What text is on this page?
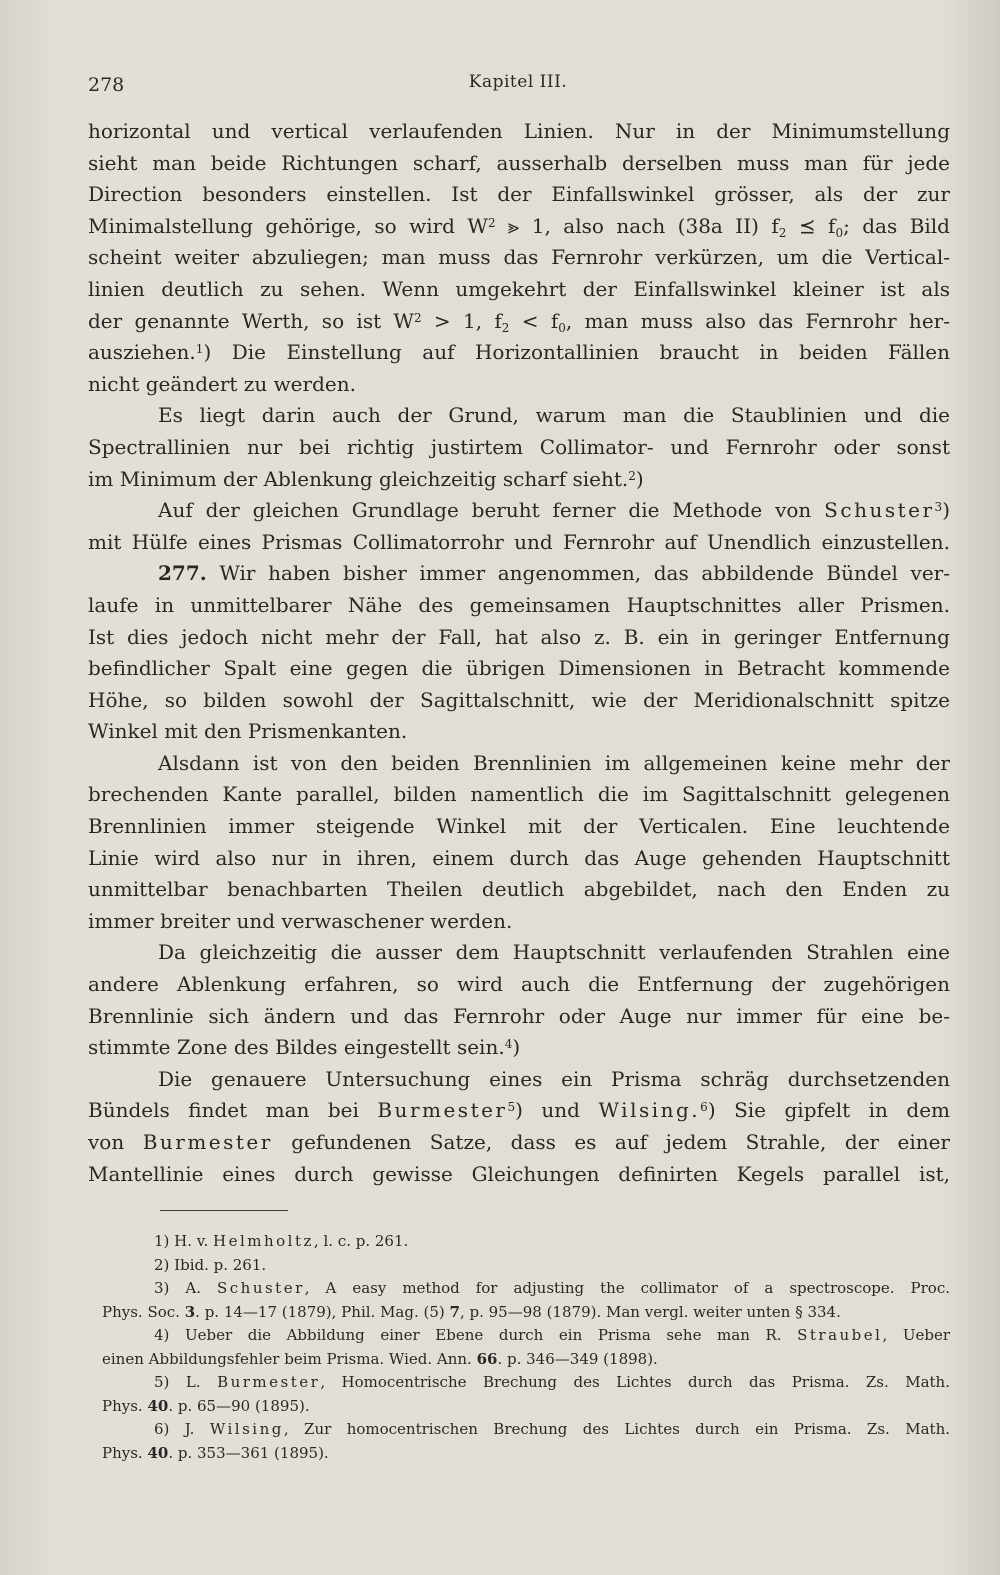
278	Kapitel III.
horizontal und vertical verlaufenden Linien. Nur in der Minimumstellung
sieht man beide Richtungen scharf, ausserhalb derselben muss man für jede
Direction besonders einstellen. Ist der Einfallswinkel grösser, als der zur
Minimalstellung gehörige, so wird $W^2$ ⪢ 1, also nach (38a II) $f_2$ ⪯ $f_0$; das Bild
scheint weiter abzuliegen; man muss das Fernrohr verkürzen, um die Vertical-
linien deutlich zu sehen. Wenn umgekehrt der Einfallswinkel kleiner ist als
der genannte Werth, so ist $W^2 > 1$, $f_2 < f_0$, man muss also das Fernrohr her-
ausziehen.$^1$) Die Einstellung auf Horizontallinien braucht in beiden Fällen
nicht geändert zu werden.
Es liegt darin auch der Grund, warum man die Staublinien und die
Spectrallinien nur bei richtig justirtem Collimator- und Fernrohr oder sonst
im Minimum der Ablenkung gleichzeitig scharf sieht.$^2$)
Auf der gleichen Grundlage beruht ferner die Methode von Schuster$^3$)
mit Hülfe eines Prismas Collimatorrohr und Fernrohr auf Unendlich einzustellen.
277. Wir haben bisher immer angenommen, das abbildende Bündel ver-
laufe in unmittelbarer Nähe des gemeinsamen Hauptschnittes aller Prismen.
Ist dies jedoch nicht mehr der Fall, hat also z. B. ein in geringer Entfernung
befindlicher Spalt eine gegen die übrigen Dimensionen in Betracht kommende
Höhe, so bilden sowohl der Sagittalschnitt, wie der Meridionalschnitt spitze
Winkel mit den Prismenkanten.
Alsdann ist von den beiden Brennlinien im allgemeinen keine mehr der
brechenden Kante parallel, bilden namentlich die im Sagittalschnitt gelegenen
Brennlinien immer steigende Winkel mit der Verticalen. Eine leuchtende
Linie wird also nur in ihren, einem durch das Auge gehenden Hauptschnitt
unmittelbar benachbarten Theilen deutlich abgebildet, nach den Enden zu
immer breiter und verwaschener werden.
Da gleichzeitig die ausser dem Hauptschnitt verlaufenden Strahlen eine
andere Ablenkung erfahren, so wird auch die Entfernung der zugehörigen
Brennlinie sich ändern und das Fernrohr oder Auge nur immer für eine be-
stimmte Zone des Bildes eingestellt sein.$^4$)
Die genauere Untersuchung eines ein Prisma schräg durchsetzenden
Bündels findet man bei Burmester$^5$) und Wilsing.$^6$) Sie gipfelt in dem
von Burmester gefundenen Satze, dass es auf jedem Strahle, der einer
Mantellinie eines durch gewisse Gleichungen definirten Kegels parallel ist,
1) H. v. Helmholtz, l. c. p. 261.
2) Ibid. p. 261.
3) A. Schuster, A easy method for adjusting the collimator of a spectroscope. Proc.
Phys. Soc. 3. p. 14—17 (1879), Phil. Mag. (5) 7, p. 95—98 (1879). Man vergl. weiter unten § 334.
4) Ueber die Abbildung einer Ebene durch ein Prisma sehe man R. Straubel, Ueber
einen Abbildungsfehler beim Prisma. Wied. Ann. 66. p. 346—349 (1898).
5) L. Burmester, Homocentrische Brechung des Lichtes durch das Prisma. Zs. Math.
Phys. 40. p. 65—90 (1895).
6) J. Wilsing, Zur homocentrischen Brechung des Lichtes durch ein Prisma. Zs. Math.
Phys. 40. p. 353—361 (1895).
